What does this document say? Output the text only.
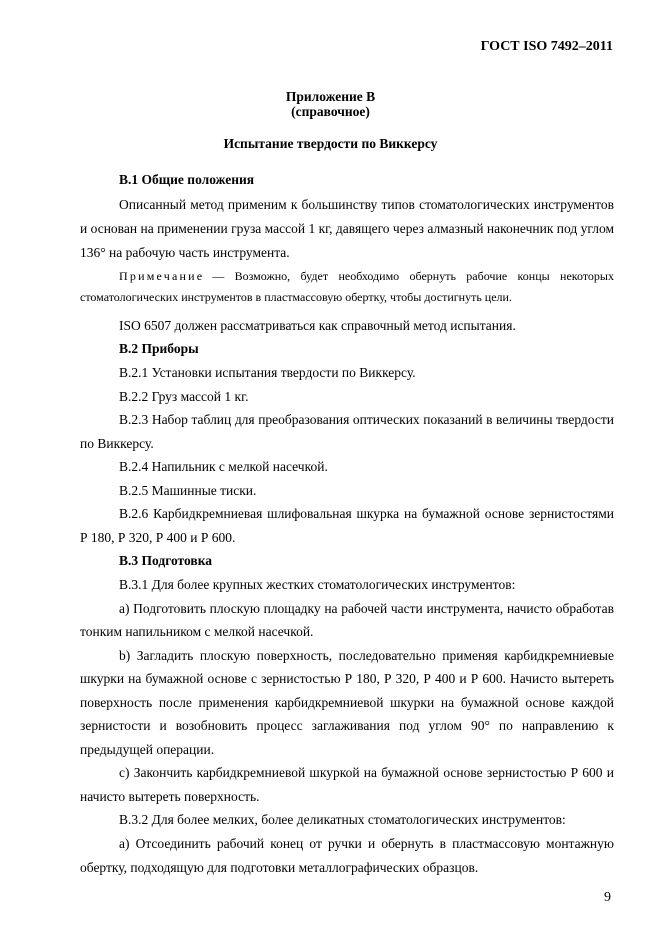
ГОСТ ISO 7492–2011
Приложение В
(справочное)
Испытание твердости по Виккерсу
В.1 Общие положения
Описанный метод применим к большинству типов стоматологических инструментов
и основан на применении груза массой 1 кг, давящего через алмазный наконечник под углом
136° на рабочую часть инструмента.
Примечание — Возможно, будет необходимо обернуть рабочие концы некоторых
стоматологических инструментов в пластмассовую обертку, чтобы достигнуть цели.
ISO 6507 должен рассматриваться как справочный метод испытания.
В.2 Приборы
В.2.1 Установки испытания твердости по Виккерсу.
В.2.2 Груз массой 1 кг.
В.2.3 Набор таблиц для преобразования оптических показаний в величины твердости
по Виккерсу.
В.2.4 Напильник с мелкой насечкой.
В.2.5 Машинные тиски.
В.2.6 Карбидкремниевая шлифовальная шкурка на бумажной основе зернистостями
Р 180, Р 320, Р 400 и Р 600.
В.3 Подготовка
В.3.1 Для более крупных жестких стоматологических инструментов:
а) Подготовить плоскую площадку на рабочей части инструмента, начисто обработав
тонким напильником с мелкой насечкой.
b) Загладить плоскую поверхность, последовательно применяя карбидкремниевые
шкурки на бумажной основе с зернистостью Р 180, Р 320, Р 400 и Р 600. Начисто вытереть
поверхность после применения карбидкремниевой шкурки на бумажной основе каждой
зернистости и возобновить процесс заглаживания под углом 90° по направлению к
предыдущей операции.
c) Закончить карбидкремниевой шкуркой на бумажной основе зернистостью Р 600 и
начисто вытереть поверхность.
В.3.2 Для более мелких, более деликатных стоматологических инструментов:
а) Отсоединить рабочий конец от ручки и обернуть в пластмассовую монтажную
обертку, подходящую для подготовки металлографических образцов.
9
